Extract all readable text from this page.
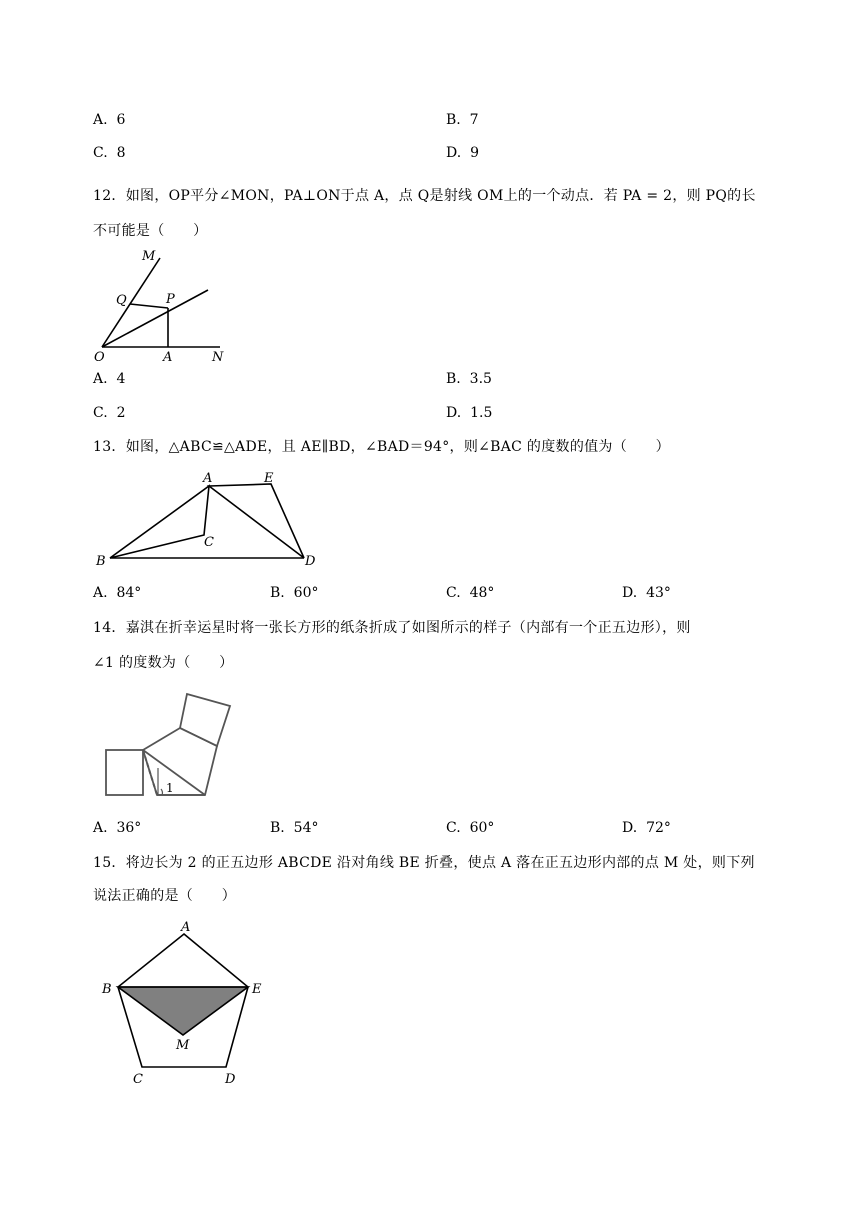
A. 6	B. 7
C. 8	D. 9
12．如图，OP平分∠MON，PA⊥ON于点 A，点 Q是射线 OM上的一个动点．若 PA = 2，则 PQ的长
不可能是（　　）
M
Q	P
O	A	N
A. 4	B. 3.5
C. 2	D. 1.5
13．如图，△ABC≌△ADE，且 AE∥BD，∠BAD＝94°，则∠BAC 的度数的值为（　　）
A	E
B
C
D
A. 84°	B. 60°	C. 48°	D. 43°
14．嘉淇在折幸运星时将一张长方形的纸条折成了如图所示的样子（内部有一个正五边形），则
∠1 的度数为（　　）
1
A. 36°	B. 54°	C. 60°	D. 72°
15．将边长为 2 的正五边形 ABCDE 沿对角线 BE 折叠，使点 A 落在正五边形内部的点 M 处，则下列
说法正确的是（　　）
A
B	E
M
C	D
